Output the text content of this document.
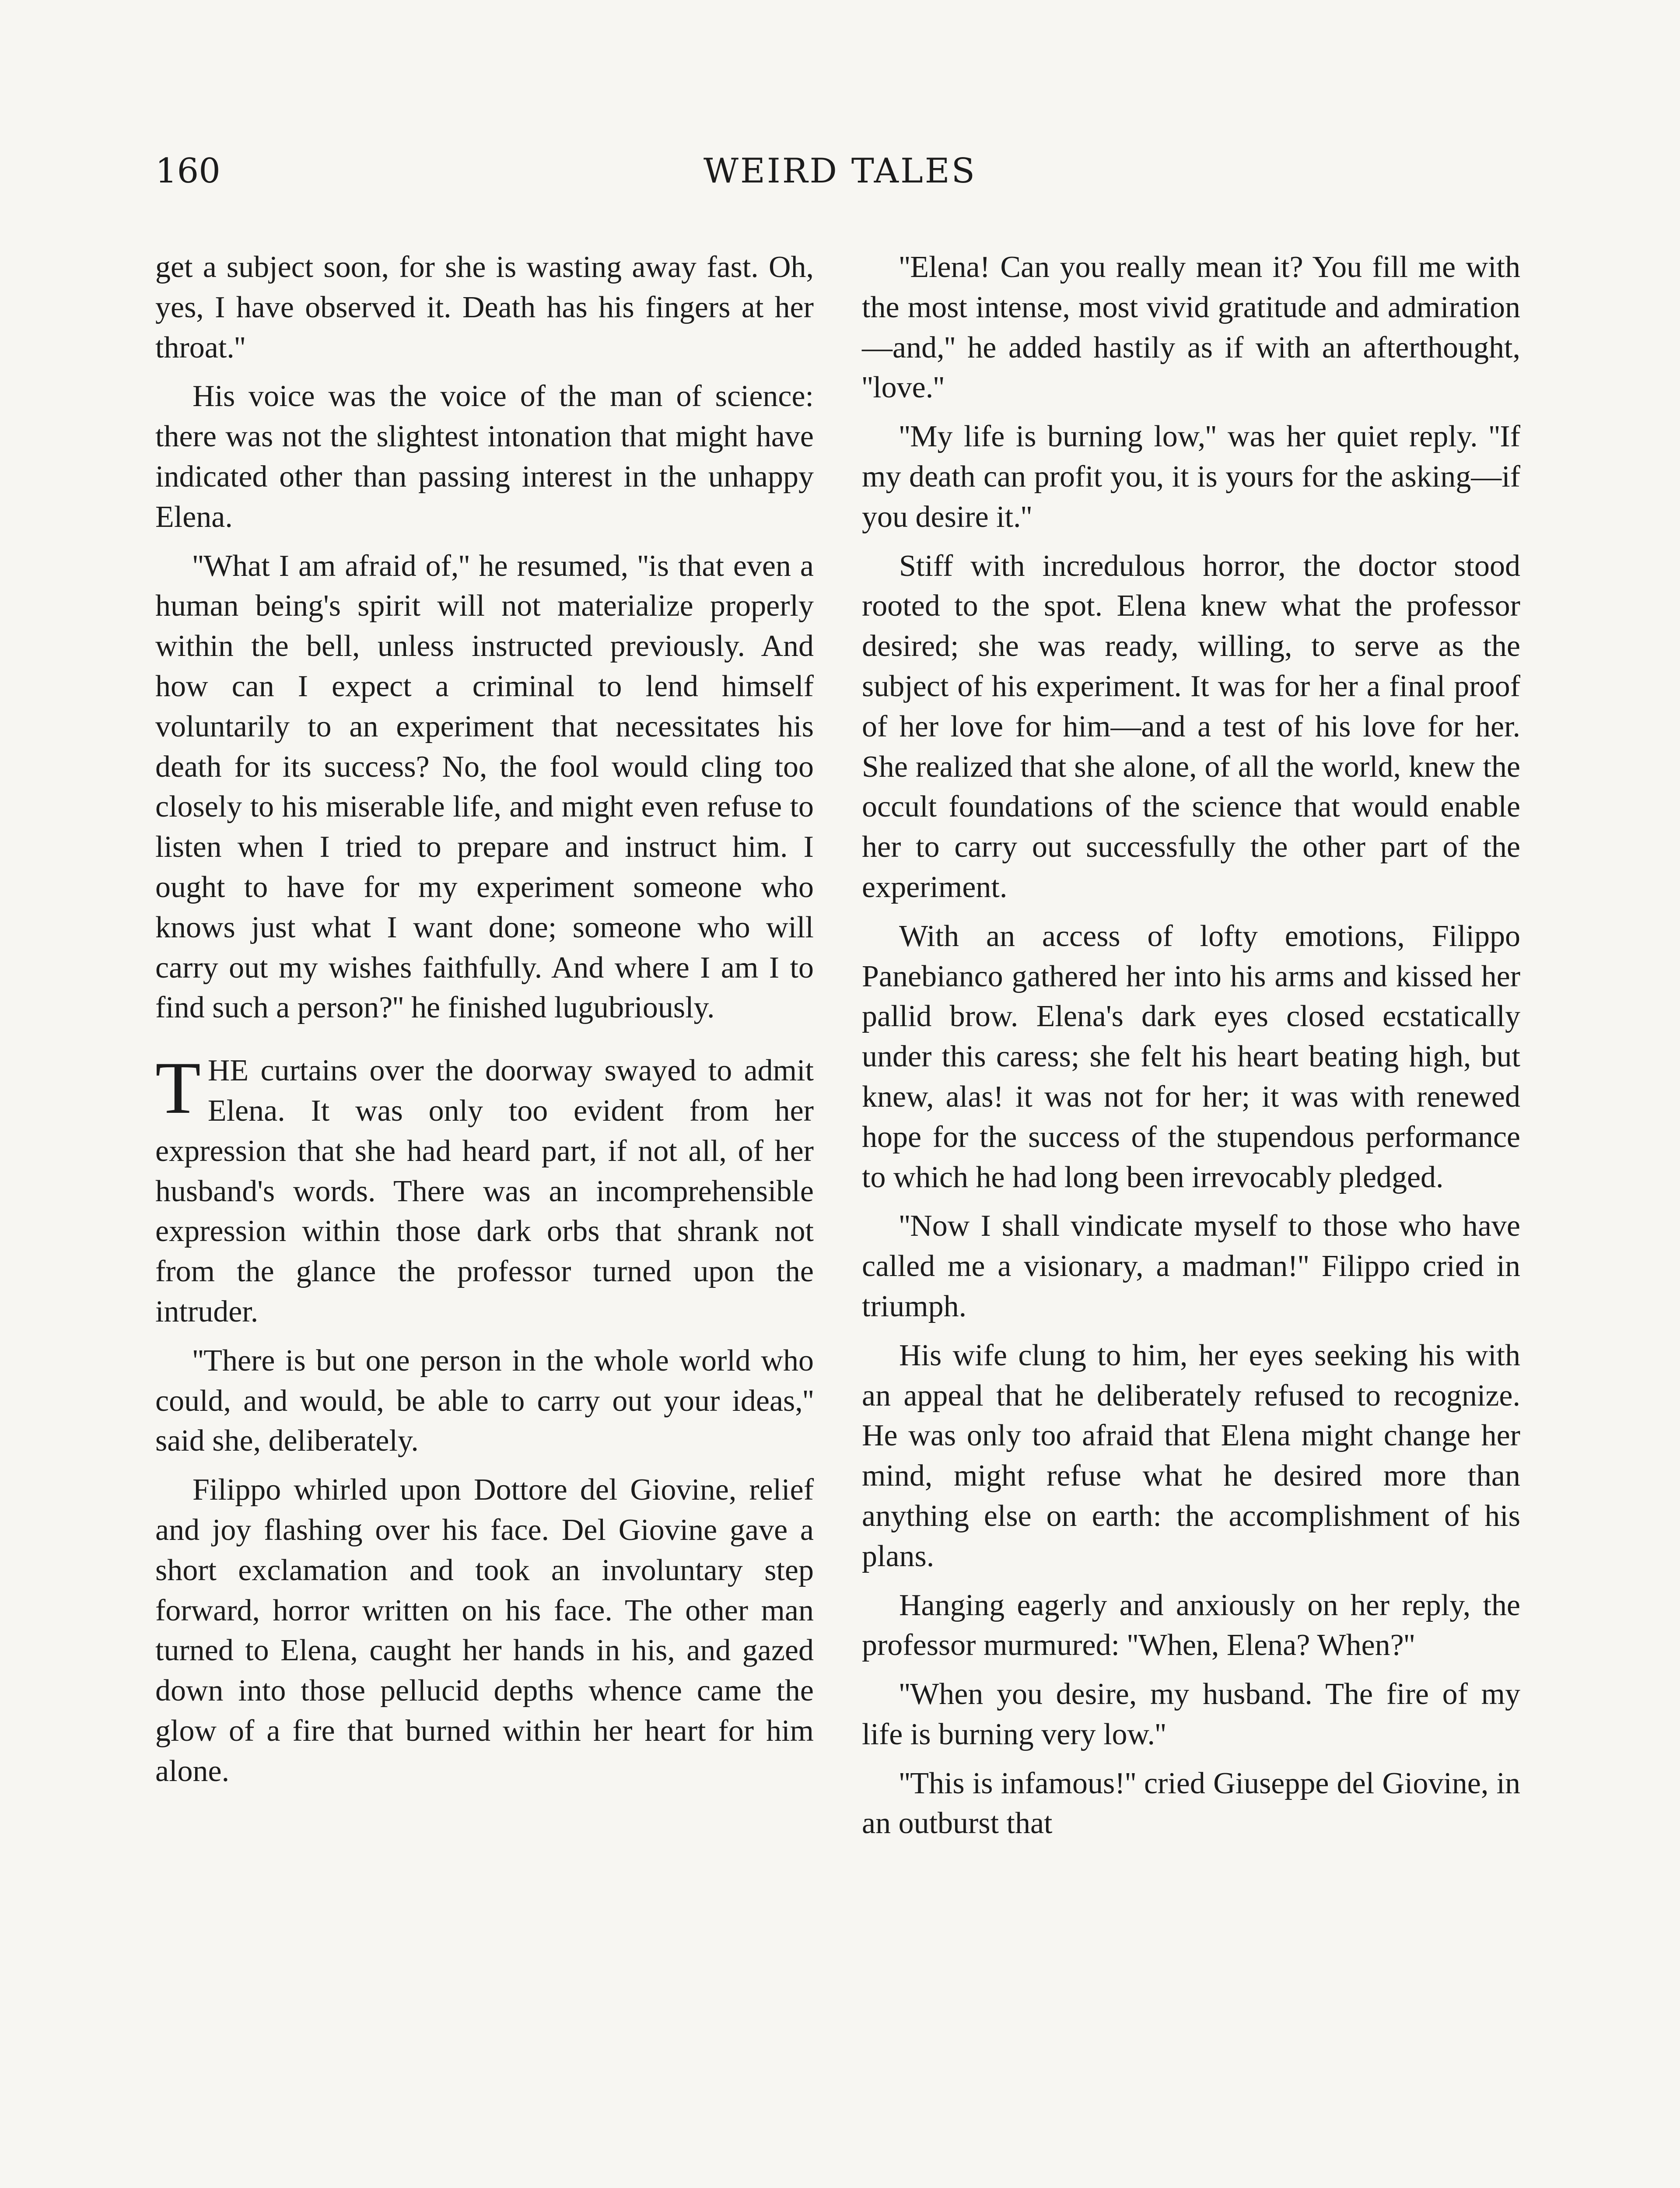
160	WEIRD TALES

get a subject soon, for she is wasting away fast. Oh, yes, I have observed it. Death has his fingers at her throat.''

His voice was the voice of the man of science: there was not the slightest intonation that might have indicated other than passing interest in the unhappy Elena.

''What I am afraid of,'' he resumed, ''is that even a human being's spirit will not materialize properly within the bell, unless instructed previously. And how can I expect a criminal to lend himself voluntarily to an experiment that necessitates his death for its success? No, the fool would cling too closely to his miserable life, and might even refuse to listen when I tried to prepare and instruct him. I ought to have for my experiment someone who knows just what I want done; someone who will carry out my wishes faithfully. And where I am I to find such a person?'' he finished lugubriously.

THE curtains over the doorway swayed to admit Elena. It was only too evident from her expression that she had heard part, if not all, of her husband's words. There was an incomprehensible expression within those dark orbs that shrank not from the glance the professor turned upon the intruder.

''There is but one person in the whole world who could, and would, be able to carry out your ideas,'' said she, deliberately.

Filippo whirled upon Dottore del Giovine, relief and joy flashing over his face. Del Giovine gave a short exclamation and took an involuntary step forward, horror written on his face. The other man turned to Elena, caught her hands in his, and gazed down into those pellucid depths whence came the glow of a fire that burned within her heart for him alone.

''Elena! Can you really mean it? You fill me with the most intense, most vivid gratitude and admiration—and,'' he added hastily as if with an afterthought, ''love.''

''My life is burning low,'' was her quiet reply. ''If my death can profit you, it is yours for the asking—if you desire it.''

Stiff with incredulous horror, the doctor stood rooted to the spot. Elena knew what the professor desired; she was ready, willing, to serve as the subject of his experiment. It was for her a final proof of her love for him—and a test of his love for her. She realized that she alone, of all the world, knew the occult foundations of the science that would enable her to carry out successfully the other part of the experiment.

With an access of lofty emotions, Filippo Panebianco gathered her into his arms and kissed her pallid brow. Elena's dark eyes closed ecstatically under this caress; she felt his heart beating high, but knew, alas! it was not for her; it was with renewed hope for the success of the stupendous performance to which he had long been irrevocably pledged.

''Now I shall vindicate myself to those who have called me a visionary, a madman!'' Filippo cried in triumph.

His wife clung to him, her eyes seeking his with an appeal that he deliberately refused to recognize. He was only too afraid that Elena might change her mind, might refuse what he desired more than anything else on earth: the accomplishment of his plans.

Hanging eagerly and anxiously on her reply, the professor murmured: ''When, Elena? When?''

''When you desire, my husband. The fire of my life is burning very low.''

''This is infamous!'' cried Giuseppe del Giovine, in an outburst that
